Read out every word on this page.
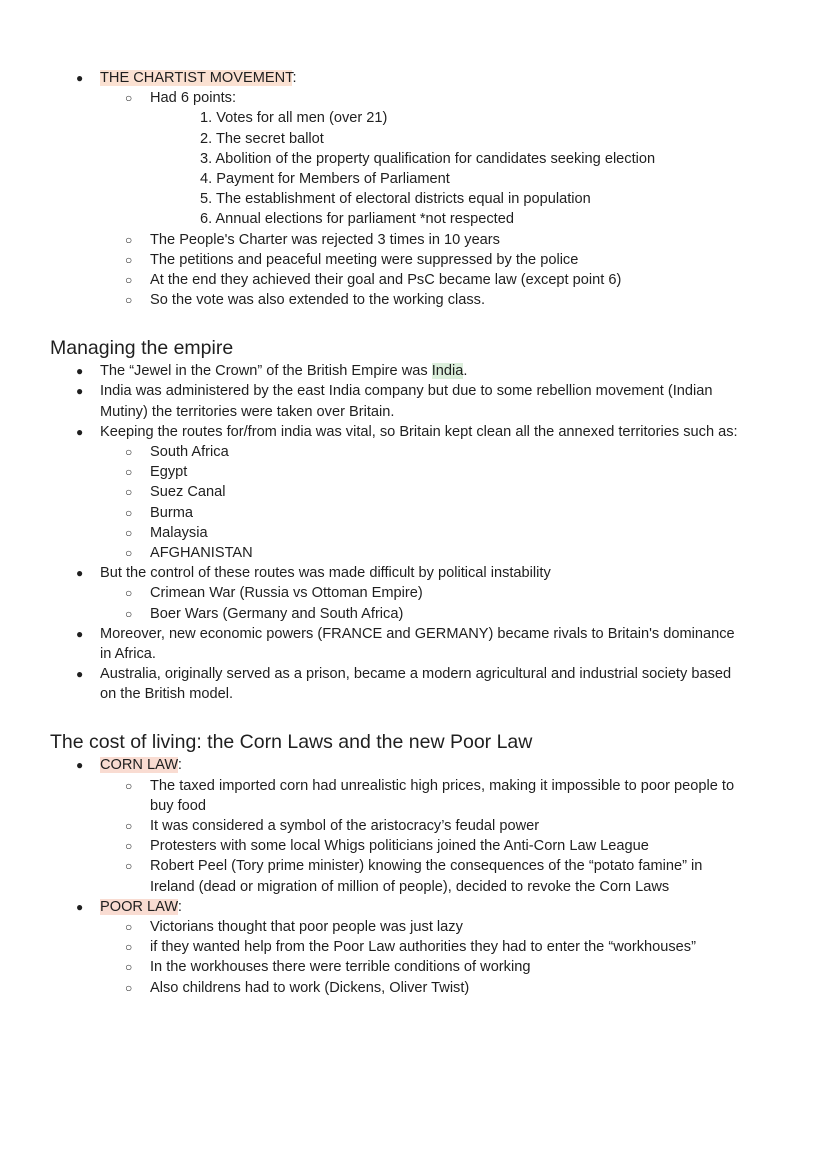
● THE CHARTIST MOVEMENT:
○ Had 6 points:
1. Votes for all men (over 21)
2. The secret ballot
3. Abolition of the property qualification for candidates seeking election
4. Payment for Members of Parliament
5. The establishment of electoral districts equal in population
6. Annual elections for parliament *not respected
○ The People's Charter was rejected 3 times in 10 years
○ The petitions and peaceful meeting were suppressed by the police
○ At the end they achieved their goal and PsC became law (except point 6)
○ So the vote was also extended to the working class.
Managing the empire
● The “Jewel in the Crown” of the British Empire was India.
● India was administered by the east India company but due to some rebellion movement (Indian
Mutiny) the territories were taken over Britain.
● Keeping the routes for/from india was vital, so Britain kept clean all the annexed territories such as:
○ South Africa
○ Egypt
○ Suez Canal
○ Burma
○ Malaysia
○ AFGHANISTAN
● But the control of these routes was made difficult by political instability
○ Crimean War (Russia vs Ottoman Empire)
○ Boer Wars (Germany and South Africa)
● Moreover, new economic powers (FRANCE and GERMANY) became rivals to Britain's dominance
in Africa.
● Australia, originally served as a prison, became a modern agricultural and industrial society based
on the British model.
The cost of living: the Corn Laws and the new Poor Law
● CORN LAW:
○ The taxed imported corn had unrealistic high prices, making it impossible to poor people to
buy food
○ It was considered a symbol of the aristocracy’s feudal power
○ Protesters with some local Whigs politicians joined the Anti-Corn Law League
○ Robert Peel (Tory prime minister) knowing the consequences of the “potato famine” in
Ireland (dead or migration of million of people), decided to revoke the Corn Laws
● POOR LAW:
○ Victorians thought that poor people was just lazy
○ if they wanted help from the Poor Law authorities they had to enter the “workhouses”
○ In the workhouses there were terrible conditions of working
○ Also childrens had to work (Dickens, Oliver Twist)
